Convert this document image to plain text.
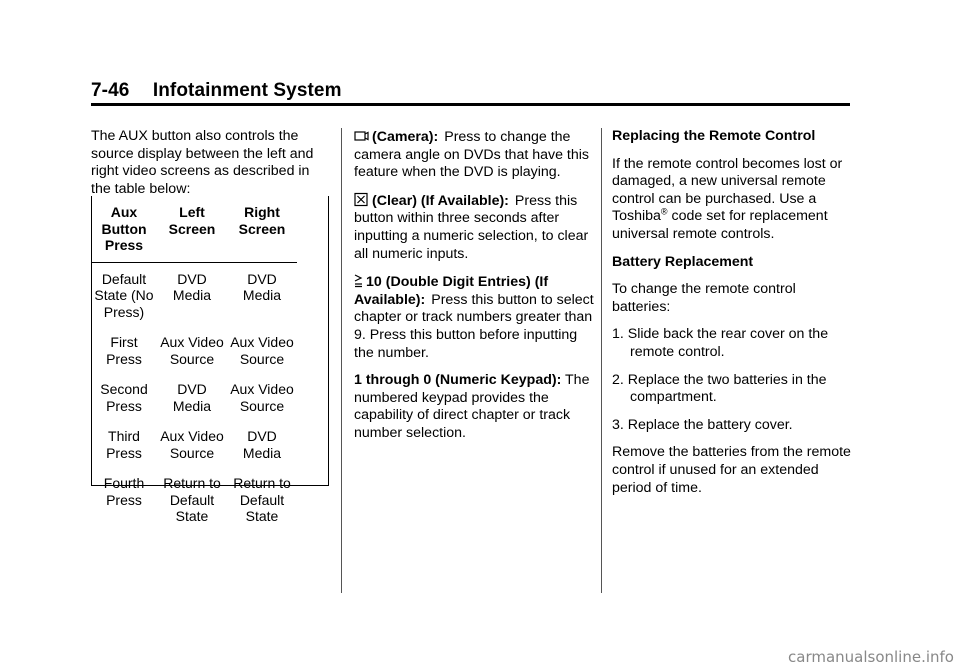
7-46 Infotainment System

The AUX button also controls the source display between the left and right video screens as described in the table below:

Aux Button Press	Left Screen	Right Screen
Default State (No Press)	DVD Media	DVD Media
First Press	Aux Video Source	Aux Video Source
Second Press	DVD Media	Aux Video Source
Third Press	Aux Video Source	DVD Media
Fourth Press	Return to Default State	Return to Default State

(Camera): Press to change the camera angle on DVDs that have this feature when the DVD is playing.

(Clear) (If Available): Press this button within three seconds after inputting a numeric selection, to clear all numeric inputs.

10 (Double Digit Entries) (If Available): Press this button to select chapter or track numbers greater than 9. Press this button before inputting the number.

1 through 0 (Numeric Keypad): The numbered keypad provides the capability of direct chapter or track number selection.

Replacing the Remote Control

If the remote control becomes lost or damaged, a new universal remote control can be purchased. Use a Toshiba® code set for replacement universal remote controls.

Battery Replacement

To change the remote control batteries:

1. Slide back the rear cover on the remote control.
2. Replace the two batteries in the compartment.
3. Replace the battery cover.

Remove the batteries from the remote control if unused for an extended period of time.

carmanualsonline.info
